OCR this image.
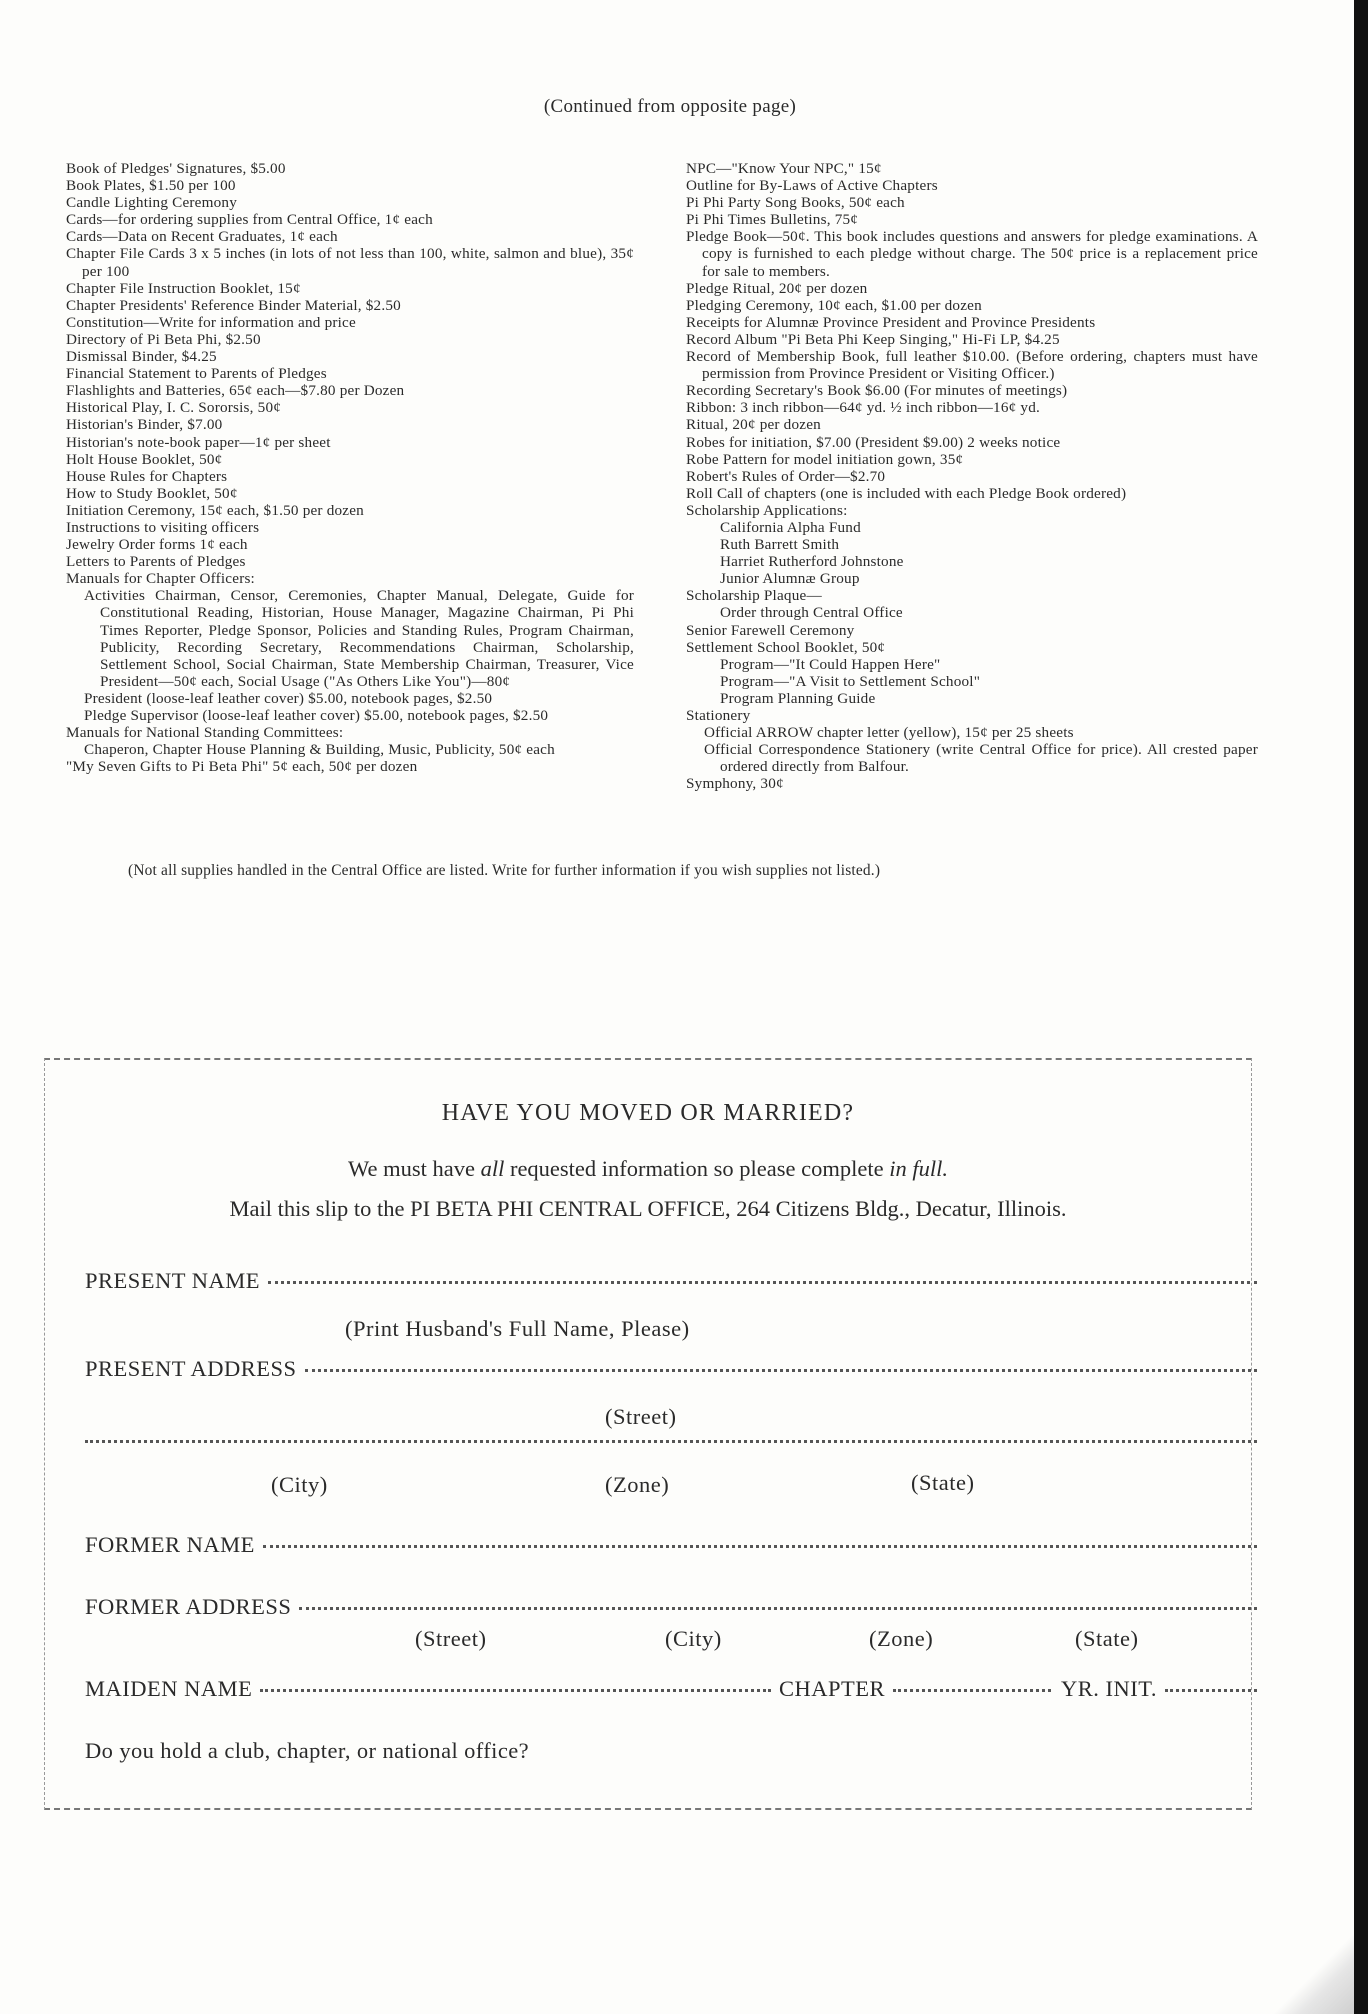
(Continued from opposite page)
Book of Pledges' Signatures, $5.00
Book Plates, $1.50 per 100
Candle Lighting Ceremony
Cards—for ordering supplies from Central Office, 1¢ each
Cards—Data on Recent Graduates, 1¢ each
Chapter File Cards 3 x 5 inches (in lots of not less than 100, white, salmon and blue), 35¢ per 100
Chapter File Instruction Booklet, 15¢
Chapter Presidents' Reference Binder Material, $2.50
Constitution—Write for information and price
Directory of Pi Beta Phi, $2.50
Dismissal Binder, $4.25
Financial Statement to Parents of Pledges
Flashlights and Batteries, 65¢ each—$7.80 per Dozen
Historical Play, I. C. Sororsis, 50¢
Historian's Binder, $7.00
Historian's note-book paper—1¢ per sheet
Holt House Booklet, 50¢
House Rules for Chapters
How to Study Booklet, 50¢
Initiation Ceremony, 15¢ each, $1.50 per dozen
Instructions to visiting officers
Jewelry Order forms 1¢ each
Letters to Parents of Pledges
Manuals for Chapter Officers:
Activities Chairman, Censor, Ceremonies, Chapter Manual, Delegate, Guide for Constitutional Reading, Historian, House Manager, Magazine Chairman, Pi Phi Times Reporter, Pledge Sponsor, Policies and Standing Rules, Program Chairman, Publicity, Recording Secretary, Recommendations Chairman, Scholarship, Settlement School, Social Chairman, State Membership Chairman, Treasurer, Vice President—50¢ each, Social Usage ("As Others Like You")—80¢
President (loose-leaf leather cover) $5.00, notebook pages, $2.50
Pledge Supervisor (loose-leaf leather cover) $5.00, notebook pages, $2.50
Manuals for National Standing Committees:
Chaperon, Chapter House Planning & Building, Music, Publicity, 50¢ each
"My Seven Gifts to Pi Beta Phi" 5¢ each, 50¢ per dozen
NPC—"Know Your NPC," 15¢
Outline for By-Laws of Active Chapters
Pi Phi Party Song Books, 50¢ each
Pi Phi Times Bulletins, 75¢
Pledge Book—50¢. This book includes questions and answers for pledge examinations. A copy is furnished to each pledge without charge. The 50¢ price is a replacement price for sale to members.
Pledge Ritual, 20¢ per dozen
Pledging Ceremony, 10¢ each, $1.00 per dozen
Receipts for Alumnæ Province President and Province Presidents
Record Album "Pi Beta Phi Keep Singing," Hi-Fi LP, $4.25
Record of Membership Book, full leather $10.00. (Before ordering, chapters must have permission from Province President or Visiting Officer.)
Recording Secretary's Book $6.00 (For minutes of meetings)
Ribbon: 3 inch ribbon—64¢ yd. ½ inch ribbon—16¢ yd.
Ritual, 20¢ per dozen
Robes for initiation, $7.00 (President $9.00) 2 weeks notice
Robe Pattern for model initiation gown, 35¢
Robert's Rules of Order—$2.70
Roll Call of chapters (one is included with each Pledge Book ordered)
Scholarship Applications:
California Alpha Fund
Ruth Barrett Smith
Harriet Rutherford Johnstone
Junior Alumnæ Group
Scholarship Plaque—
Order through Central Office
Senior Farewell Ceremony
Settlement School Booklet, 50¢
Program—"It Could Happen Here"
Program—"A Visit to Settlement School"
Program Planning Guide
Stationery
Official ARROW chapter letter (yellow), 15¢ per 25 sheets
Official Correspondence Stationery (write Central Office for price). All crested paper ordered directly from Balfour.
Symphony, 30¢
(Not all supplies handled in the Central Office are listed. Write for further information if you wish supplies not listed.)
HAVE YOU MOVED OR MARRIED?
We must have all requested information so please complete in full.
Mail this slip to the PI BETA PHI CENTRAL OFFICE, 264 Citizens Bldg., Decatur, Illinois.
PRESENT NAME
(Print Husband's Full Name, Please)
PRESENT ADDRESS
(Street)
(City)	(Zone)	(State)
FORMER NAME
FORMER ADDRESS
(Street)	(City)	(Zone)	(State)
MAIDEN NAME	CHAPTER	YR. INIT.
Do you hold a club, chapter, or national office?
